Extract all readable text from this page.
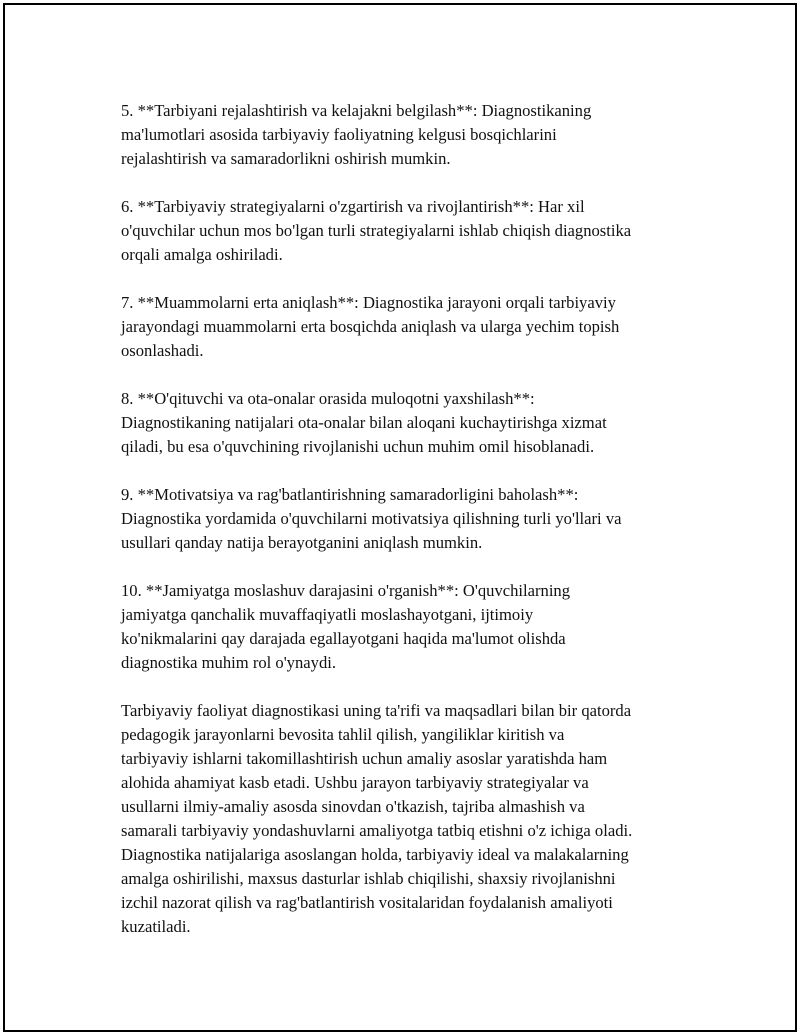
5. **Tarbiyani rejalashtirish va kelajakni belgilash**: Diagnostikaning
ma'lumotlari asosida tarbiyaviy faoliyatning kelgusi bosqichlarini
rejalashtirish va samaradorlikni oshirish mumkin.

6. **Tarbiyaviy strategiyalarni o'zgartirish va rivojlantirish**: Har xil
o'quvchilar uchun mos bo'lgan turli strategiyalarni ishlab chiqish diagnostika
orqali amalga oshiriladi.

7. **Muammolarni erta aniqlash**: Diagnostika jarayoni orqali tarbiyaviy
jarayondagi muammolarni erta bosqichda aniqlash va ularga yechim topish
osonlashadi.

8. **O'qituvchi va ota-onalar orasida muloqotni yaxshilash**:
Diagnostikaning natijalari ota-onalar bilan aloqani kuchaytirishga xizmat
qiladi, bu esa o'quvchining rivojlanishi uchun muhim omil hisoblanadi.

9. **Motivatsiya va rag'batlantirishning samaradorligini baholash**:
Diagnostika yordamida o'quvchilarni motivatsiya qilishning turli yo'llari va
usullari qanday natija berayotganini aniqlash mumkin.

10. **Jamiyatga moslashuv darajasini o'rganish**: O'quvchilarning
jamiyatga qanchalik muvaffaqiyatli moslashayotgani, ijtimoiy
ko'nikmalarini qay darajada egallayotgani haqida ma'lumot olishda
diagnostika muhim rol o'ynaydi.

Tarbiyaviy faoliyat diagnostikasi uning ta'rifi va maqsadlari bilan bir qatorda
pedagogik jarayonlarni bevosita tahlil qilish, yangiliklar kiritish va
tarbiyaviy ishlarni takomillashtirish uchun amaliy asoslar yaratishda ham
alohida ahamiyat kasb etadi. Ushbu jarayon tarbiyaviy strategiyalar va
usullarni ilmiy-amaliy asosda sinovdan o'tkazish, tajriba almashish va
samarali tarbiyaviy yondashuvlarni amaliyotga tatbiq etishni o'z ichiga oladi.
Diagnostika natijalariga asoslangan holda, tarbiyaviy ideal va malakalarning
amalga oshirilishi, maxsus dasturlar ishlab chiqilishi, shaxsiy rivojlanishni
izchil nazorat qilish va rag'batlantirish vositalaridan foydalanish amaliyoti
kuzatiladi.
